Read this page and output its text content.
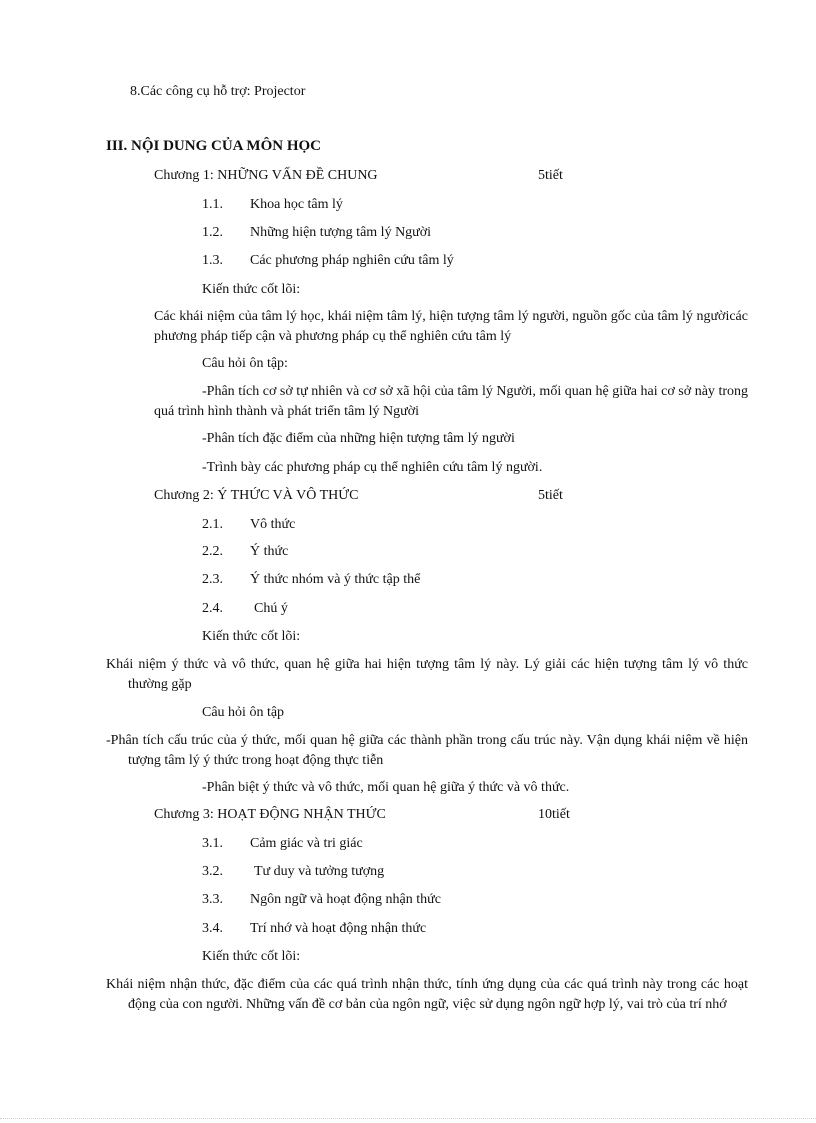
8.Các công cụ hỗ trợ: Projector
III. NỘI DUNG CỦA MÔN HỌC
Chương 1: NHỮNG VẤN ĐỀ CHUNG	5tiết
1.1. Khoa học tâm lý
1.2. Những hiện tượng tâm lý Người
1.3. Các phương pháp nghiên cứu tâm lý
Kiến thức cốt lõi:
Các khái niệm của tâm lý học, khái niệm tâm lý, hiện tượng tâm lý người, nguồn gốc của tâm lý ngườicác phương pháp tiếp cận và phương pháp cụ thể nghiên cứu tâm lý
Câu hỏi ôn tập:
-Phân tích cơ sở tự nhiên và cơ sở xã hội của tâm lý Người, mối quan hệ giữa hai cơ sở này trong quá trình hình thành và phát triển tâm lý Người
-Phân tích đặc điểm của những hiện tượng tâm lý người
-Trình bày các phương pháp cụ thể nghiên cứu tâm lý người.
Chương 2: Ý THỨC VÀ VÔ THỨC	5tiết
2.1. Vô thức
2.2. Ý thức
2.3. Ý thức nhóm và ý thức tập thể
2.4. Chú ý
Kiến thức cốt lõi:
Khái niệm ý thức và vô thức, quan hệ giữa hai hiện tượng tâm lý này. Lý giải các hiện tượng tâm lý vô thức thường gặp
Câu hỏi ôn tập
-Phân tích cấu trúc của ý thức, mối quan hệ giữa các thành phần trong cấu trúc này. Vận dụng khái niệm về hiện tượng tâm lý ý thức trong hoạt động thực tiễn
-Phân biệt ý thức và vô thức, mối quan hệ giữa ý thức và vô thức.
Chương 3: HOẠT ĐỘNG NHẬN THỨC	10tiết
3.1. Cảm giác và tri giác
3.2. Tư duy và tưởng tượng
3.3. Ngôn ngữ và hoạt động nhận thức
3.4. Trí nhớ và hoạt động nhận thức
Kiến thức cốt lõi:
Khái niệm nhận thức, đặc điểm của các quá trình nhận thức, tính ứng dụng của các quá trình này trong các hoạt động của con người. Những vấn đề cơ bản của ngôn ngữ, việc sử dụng ngôn ngữ hợp lý, vai trò của trí nhớ
